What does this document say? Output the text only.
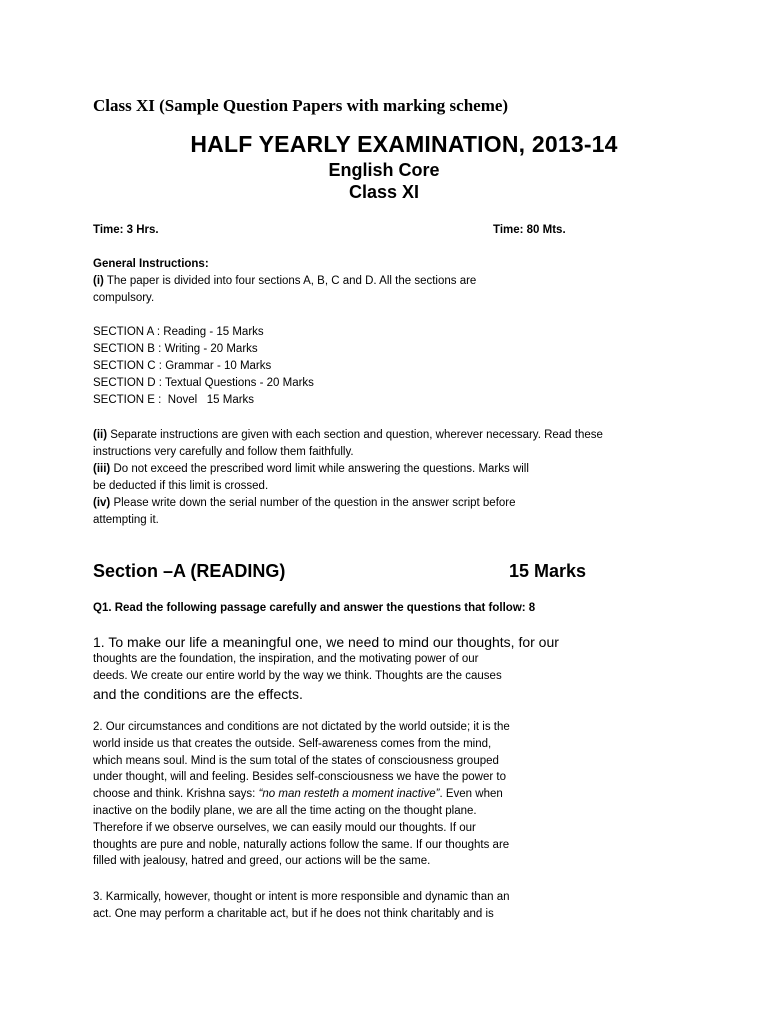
Class XI (Sample Question Papers with marking scheme)
HALF YEARLY EXAMINATION, 2013-14
English Core
Class XI
Time: 3 Hrs.	Time: 80 Mts.
General Instructions:
(i) The paper is divided into four sections A, B, C and D. All the sections are
compulsory.
SECTION A : Reading - 15 Marks
SECTION B : Writing - 20 Marks
SECTION C : Grammar - 10 Marks
SECTION D : Textual Questions - 20 Marks
SECTION E :  Novel   15 Marks
(ii) Separate instructions are given with each section and question, wherever necessary. Read these
instructions very carefully and follow them faithfully.
(iii) Do not exceed the prescribed word limit while answering the questions. Marks will
be deducted if this limit is crossed.
(iv) Please write down the serial number of the question in the answer script before
attempting it.
Section –A (READING)	15 Marks
Q1. Read the following passage carefully and answer the questions that follow: 8
1. To make our life a meaningful one, we need to mind our thoughts, for our
thoughts are the foundation, the inspiration, and the motivating power of our
deeds. We create our entire world by the way we think. Thoughts are the causes
and the conditions are the effects.
2. Our circumstances and conditions are not dictated by the world outside; it is the
world inside us that creates the outside. Self-awareness comes from the mind,
which means soul. Mind is the sum total of the states of consciousness grouped
under thought, will and feeling. Besides self-consciousness we have the power to
choose and think. Krishna says: “no man resteth a moment inactive”. Even when
inactive on the bodily plane, we are all the time acting on the thought plane.
Therefore if we observe ourselves, we can easily mould our thoughts. If our
thoughts are pure and noble, naturally actions follow the same. If our thoughts are
filled with jealousy, hatred and greed, our actions will be the same.
3. Karmically, however, thought or intent is more responsible and dynamic than an
act. One may perform a charitable act, but if he does not think charitably and is
